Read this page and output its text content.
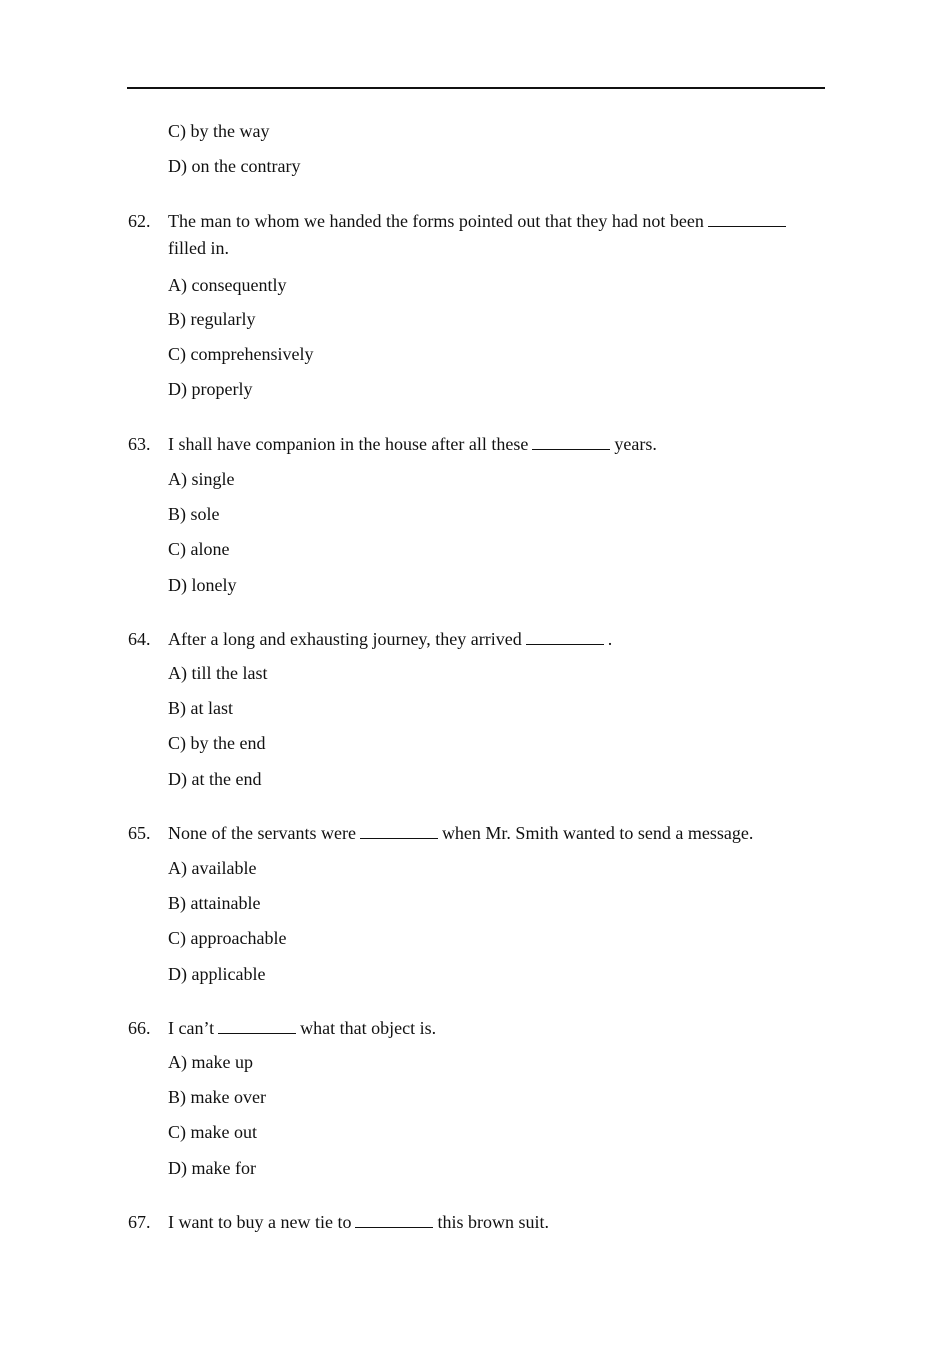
C) by the way
D) on the contrary
62. The man to whom we handed the forms pointed out that they had not been
filled in.
A) consequently
B) regularly
C) comprehensively
D) properly
63. I shall have companion in the house after all these	years.
A) single
B) sole
C) alone
D) lonely
64. After a long and exhausting journey, they arrived	.
A) till the last
B) at last
C) by the end
D) at the end
65. None of the servants were	when Mr. Smith wanted to send a message.
A) available
B) attainable
C) approachable
D) applicable
66. I can’t	what that object is.
A) make up
B) make over
C) make out
D) make for
67. I want to buy a new tie to	this brown suit.
